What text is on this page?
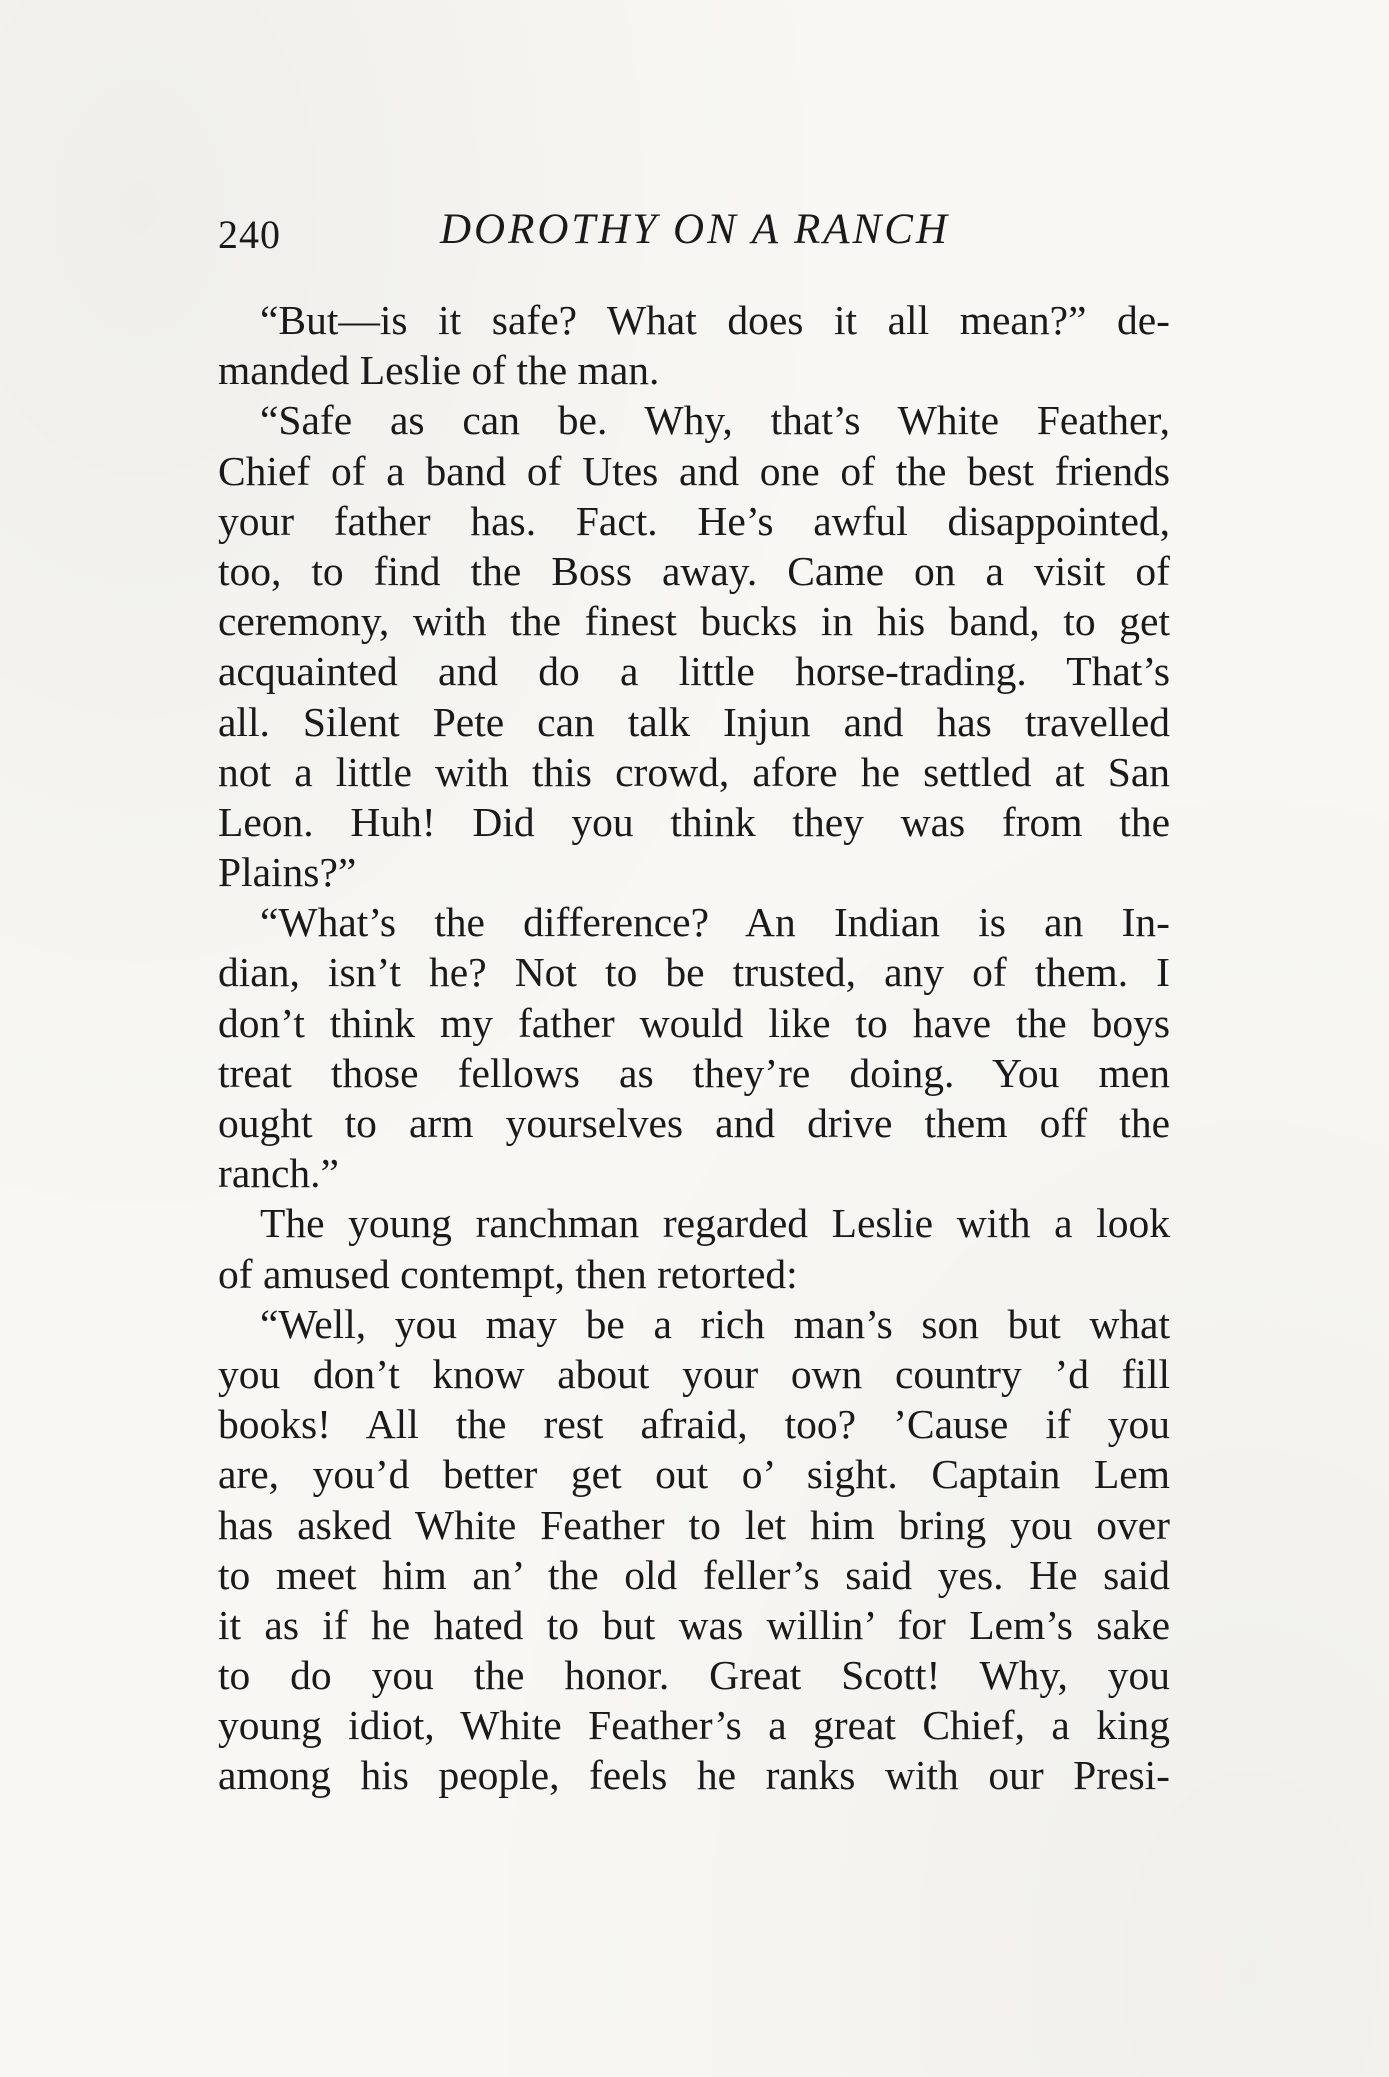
240	DOROTHY ON A RANCH
“But—is it safe? What does it all mean?” de-
manded Leslie of the man.
“Safe as can be. Why, that’s White Feather,
Chief of a band of Utes and one of the best friends
your father has. Fact. He’s awful disappointed,
too, to find the Boss away. Came on a visit of
ceremony, with the finest bucks in his band, to get
acquainted and do a little horse-trading. That’s
all. Silent Pete can talk Injun and has travelled
not a little with this crowd, afore he settled at San
Leon. Huh! Did you think they was from the
Plains?”
“What’s the difference? An Indian is an In-
dian, isn’t he? Not to be trusted, any of them. I
don’t think my father would like to have the boys
treat those fellows as they’re doing. You men
ought to arm yourselves and drive them off the
ranch.”
The young ranchman regarded Leslie with a look
of amused contempt, then retorted:
“Well, you may be a rich man’s son but what
you don’t know about your own country ’d fill
books! All the rest afraid, too? ’Cause if you
are, you’d better get out o’ sight. Captain Lem
has asked White Feather to let him bring you over
to meet him an’ the old feller’s said yes. He said
it as if he hated to but was willin’ for Lem’s sake
to do you the honor. Great Scott! Why, you
young idiot, White Feather’s a great Chief, a king
among his people, feels he ranks with our Presi-
